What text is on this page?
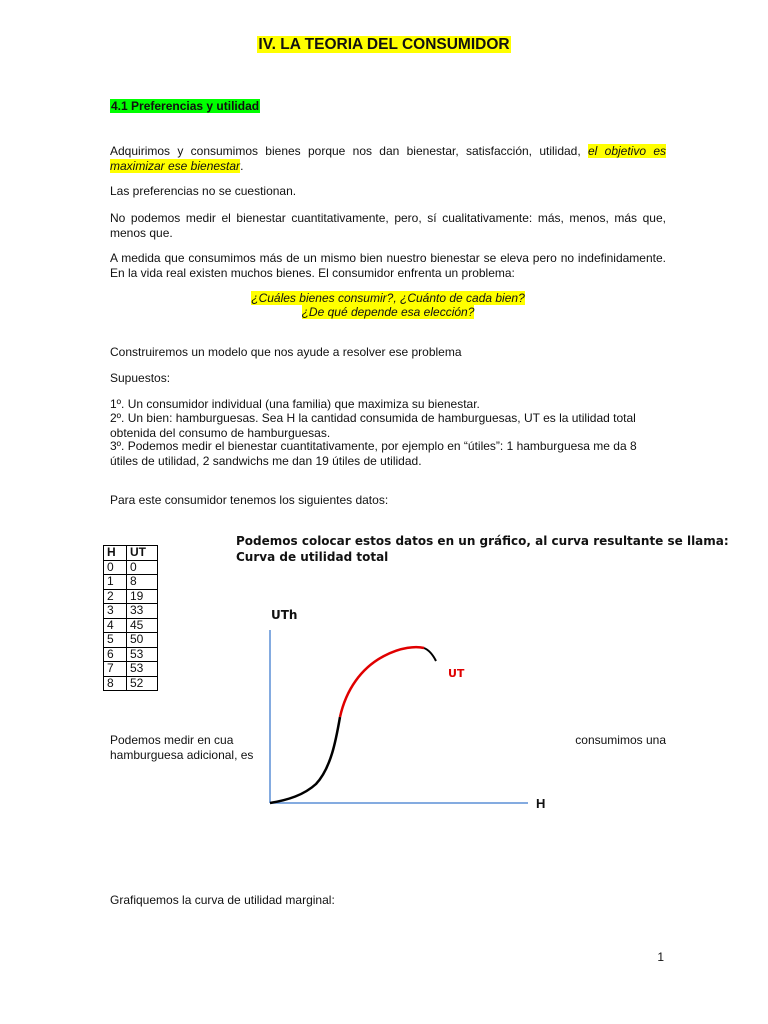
IV. LA TEORIA DEL CONSUMIDOR
4.1 Preferencias y utilidad
Adquirimos y consumimos bienes porque nos dan bienestar, satisfacción, utilidad, el objetivo es maximizar ese bienestar.
Las preferencias no se cuestionan.
No podemos medir el bienestar cuantitativamente, pero, sí cualitativamente: más, menos, más que, menos que.
A medida que consumimos más de un mismo bien nuestro bienestar se eleva pero no indefinidamente. En la vida real existen muchos bienes. El consumidor enfrenta un problema:
¿Cuáles bienes consumir?, ¿Cuánto de cada bien?
¿De qué depende esa elección?
Construiremos un modelo que nos ayude a resolver ese problema
Supuestos:
1º. Un consumidor individual (una familia) que maximiza su bienestar.
2º. Un bien: hamburguesas. Sea H la cantidad consumida de hamburguesas, UT es la utilidad total obtenida del consumo de hamburguesas.
3º. Podemos medir el bienestar cuantitativamente, por ejemplo en “útiles”: 1 hamburguesa me da 8 útiles de utilidad, 2 sandwichs me dan 19 útiles de utilidad.
Para este consumidor tenemos los siguientes datos:
Podemos colocar estos datos en un gráfico, al curva resultante se llama:
Curva de utilidad total
H	UT
0	0
1	8
2	19
3	33
4	45
5	50
6	53
7	53
8	52
Podemos medir en cua	consumimos una
hamburguesa adicional, es
UTh
H
UT
Grafiquemos la curva de utilidad marginal:
1
